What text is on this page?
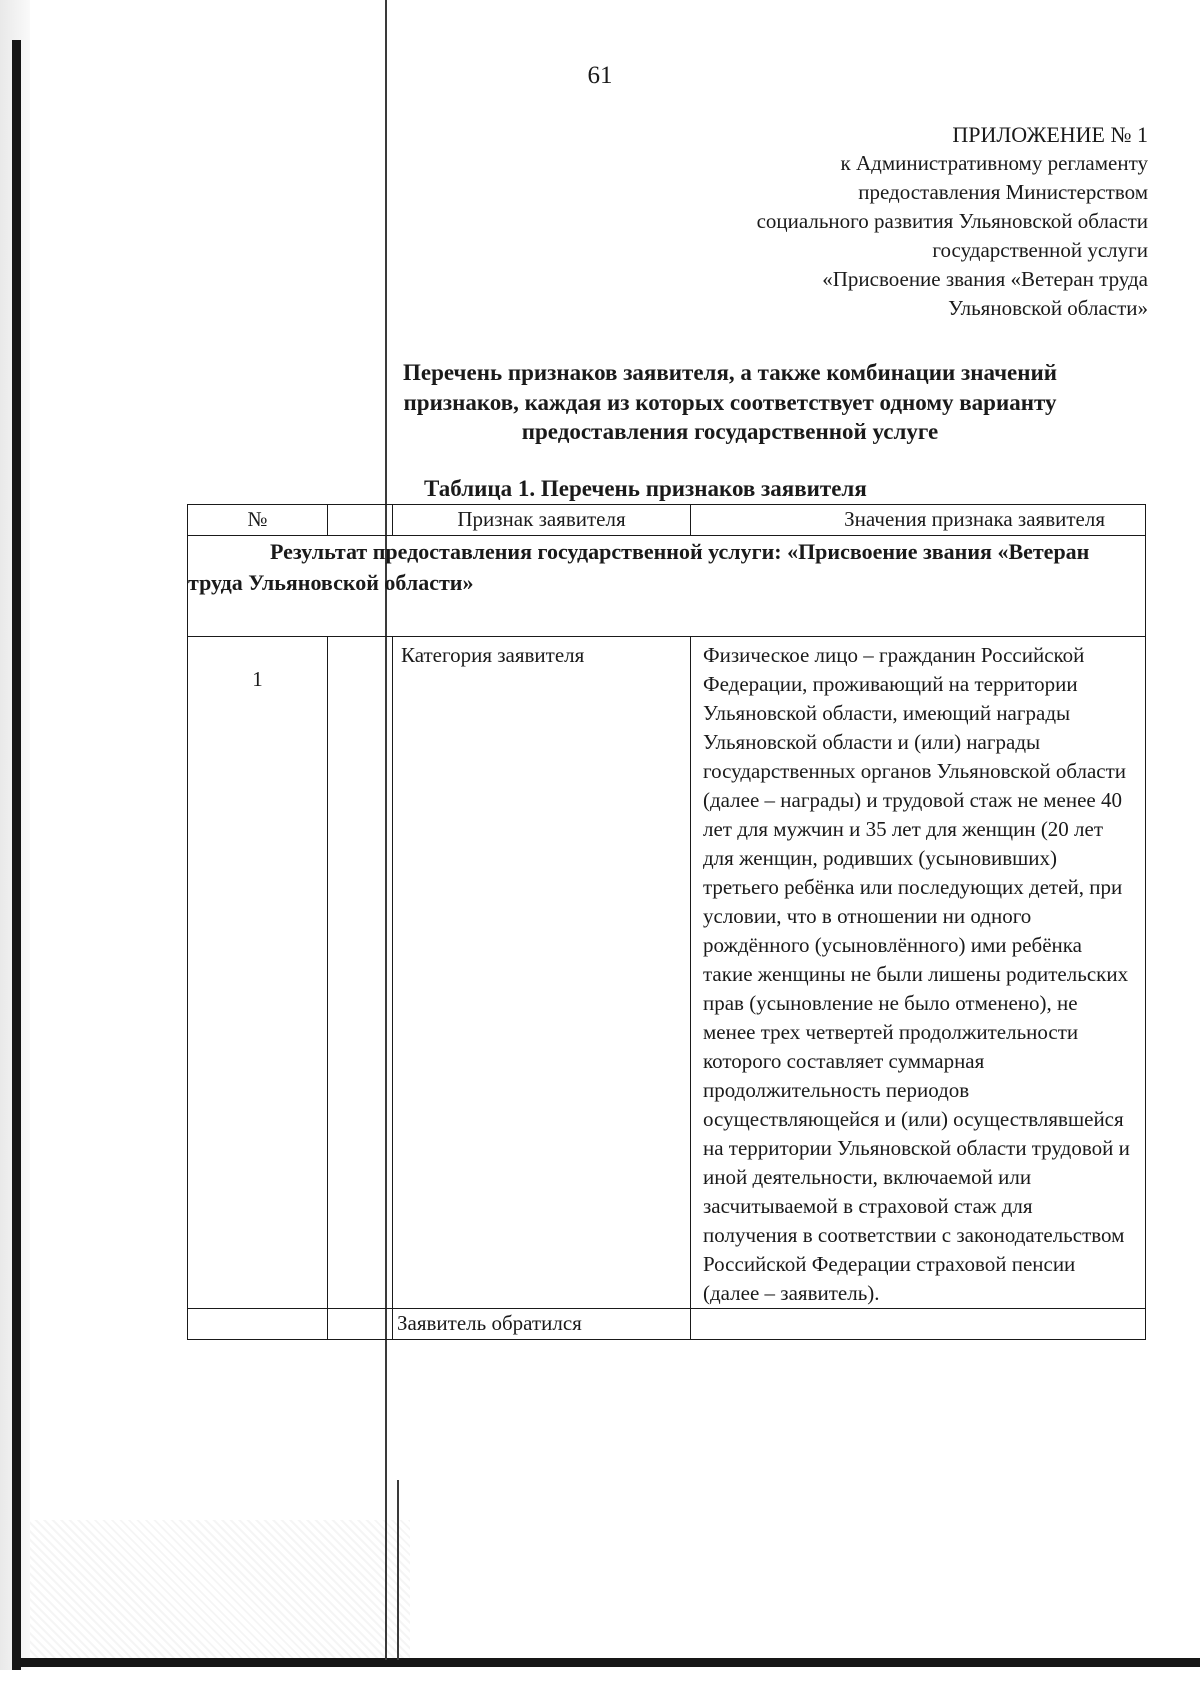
61
ПРИЛОЖЕНИЕ № 1
к Административному регламенту
предоставления Министерством
социального развития Ульяновской области
государственной услуги
«Присвоение звания «Ветеран труда
Ульяновской области»
Перечень признаков заявителя, а также комбинации значений
признаков, каждая из которых соответствует одному варианту
предоставления государственной услуге
Таблица 1. Перечень признаков заявителя
№		Признак заявителя	Значения признака заявителя

Результат предоставления государственной услуги: «Присвоение звания «Ветеран труда Ульяновской области»			

1		Категория заявителя	Физическое лицо – гражданин Российской Федерации, проживающий на территории Ульяновской области, имеющий награды Ульяновской области и (или) награды государственных органов Ульяновской области (далее – награды) и трудовой стаж не менее 40 лет для мужчин и 35 лет для женщин (20 лет для женщин, родивших (усыновивших) третьего ребёнка или последующих детей, при условии, что в отношении ни одного рождённого (усыновлённого) ими ребёнка такие женщины не были лишены родительских прав (усыновление не было отменено), не менее трех четвертей продолжительности которого составляет суммарная продолжительность периодов осуществляющейся и (или) осуществлявшейся на территории Ульяновской области трудовой и иной деятельности, включаемой или засчитываемой в страховой стаж для получения в соответствии с законодательством Российской Федерации страховой пенсии (далее – заявитель).
		Заявитель обратился	
